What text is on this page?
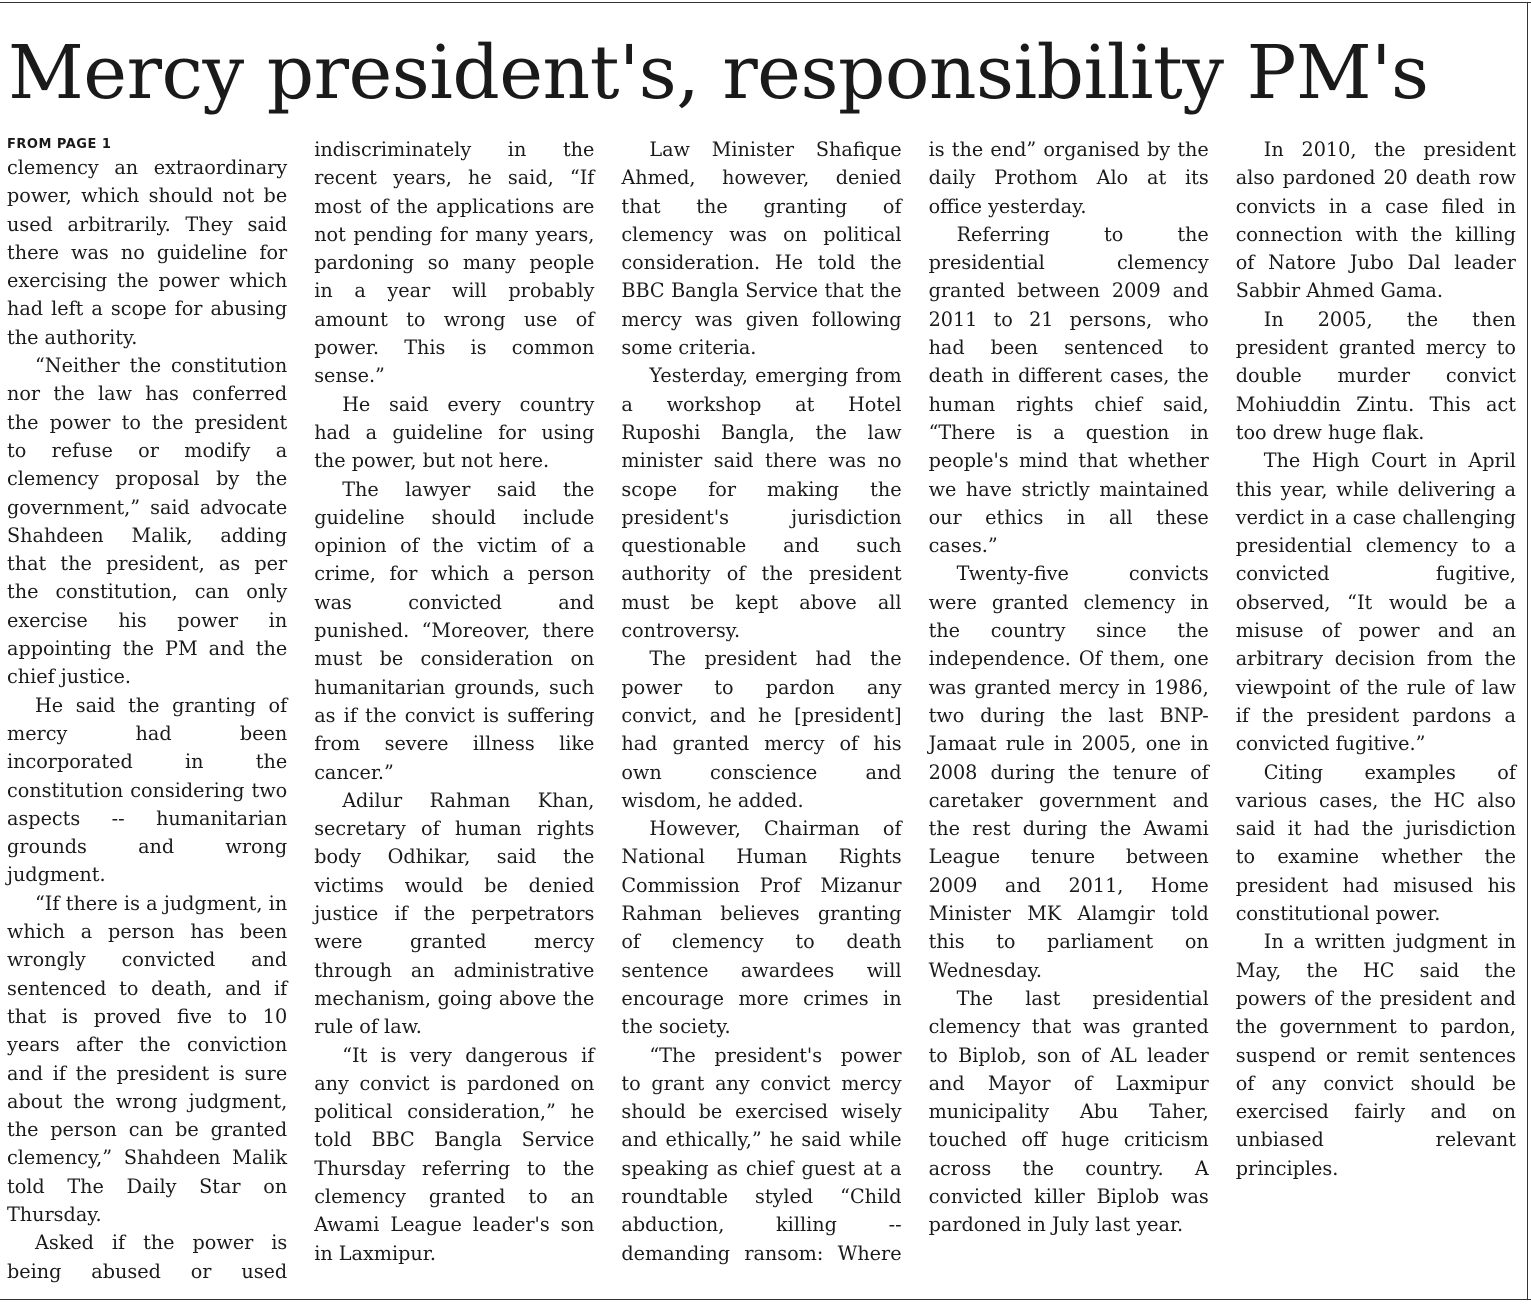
Mercy president's, responsibility PM's
FROM PAGE 1

clemency an extraordinary power, which should not be used arbitrarily. They said there was no guideline for exercising the power which had left a scope for abusing the authority.

“Neither the constitution nor the law has conferred the power to the president to refuse or modify a clemency proposal by the government,” said advocate Shahdeen Malik, adding that the president, as per the constitution, can only exercise his power in appointing the PM and the chief justice.

He said the granting of mercy had been incorporated in the constitution considering two aspects -- humanitarian grounds and wrong judgment.

“If there is a judgment, in which a person has been wrongly convicted and sentenced to death, and if that is proved five to 10 years after the conviction and if the president is sure about the wrong judgment, the person can be granted clemency,” Shahdeen Malik told The Daily Star on Thursday.

Asked if the power is being abused or used indiscriminately in the recent years, he said, “If most of the applications are not pending for many years, pardoning so many people in a year will probably amount to wrong use of power. This is common sense.”

He said every country had a guideline for using the power, but not here.

The lawyer said the guideline should include opinion of the victim of a crime, for which a person was convicted and punished. “Moreover, there must be consideration on humanitarian grounds, such as if the convict is suffering from severe illness like cancer.”

Adilur Rahman Khan, secretary of human rights body Odhikar, said the victims would be denied justice if the perpetrators were granted mercy through an administrative mechanism, going above the rule of law.

“It is very dangerous if any convict is pardoned on political consideration,” he told BBC Bangla Service Thursday referring to the clemency granted to an Awami League leader's son in Laxmipur.

Law Minister Shafique Ahmed, however, denied that the granting of clemency was on political consideration. He told the BBC Bangla Service that the mercy was given following some criteria.

Yesterday, emerging from a workshop at Hotel Ruposhi Bangla, the law minister said there was no scope for making the president's jurisdiction questionable and such authority of the president must be kept above all controversy.

The president had the power to pardon any convict, and he [president] had granted mercy of his own conscience and wisdom, he added.

However, Chairman of National Human Rights Commission Prof Mizanur Rahman believes granting of clemency to death sentence awardees will encourage more crimes in the society.

“The president's power to grant any convict mercy should be exercised wisely and ethically,” he said while speaking as chief guest at a roundtable styled “Child abduction, killing -- demanding ransom: Where is the end” organised by the daily Prothom Alo at its office yesterday.

Referring to the presidential clemency granted between 2009 and 2011 to 21 persons, who had been sentenced to death in different cases, the human rights chief said, “There is a question in people's mind that whether we have strictly maintained our ethics in all these cases.”

Twenty-five convicts were granted clemency in the country since the independence. Of them, one was granted mercy in 1986, two during the last BNP-Jamaat rule in 2005, one in 2008 during the tenure of caretaker government and the rest during the Awami League tenure between 2009 and 2011, Home Minister MK Alamgir told this to parliament on Wednesday.

The last presidential clemency that was granted to Biplob, son of AL leader and Mayor of Laxmipur municipality Abu Taher, touched off huge criticism across the country. A convicted killer Biplob was pardoned in July last year.

In 2010, the president also pardoned 20 death row convicts in a case filed in connection with the killing of Natore Jubo Dal leader Sabbir Ahmed Gama.

In 2005, the then president granted mercy to double murder convict Mohiuddin Zintu. This act too drew huge flak.

The High Court in April this year, while delivering a verdict in a case challenging presidential clemency to a convicted fugitive, observed, “It would be a misuse of power and an arbitrary decision from the viewpoint of the rule of law if the president pardons a convicted fugitive.”

Citing examples of various cases, the HC also said it had the jurisdiction to examine whether the president had misused his constitutional power.

In a written judgment in May, the HC said the powers of the president and the government to pardon, suspend or remit sentences of any convict should be exercised fairly and on unbiased relevant principles.
